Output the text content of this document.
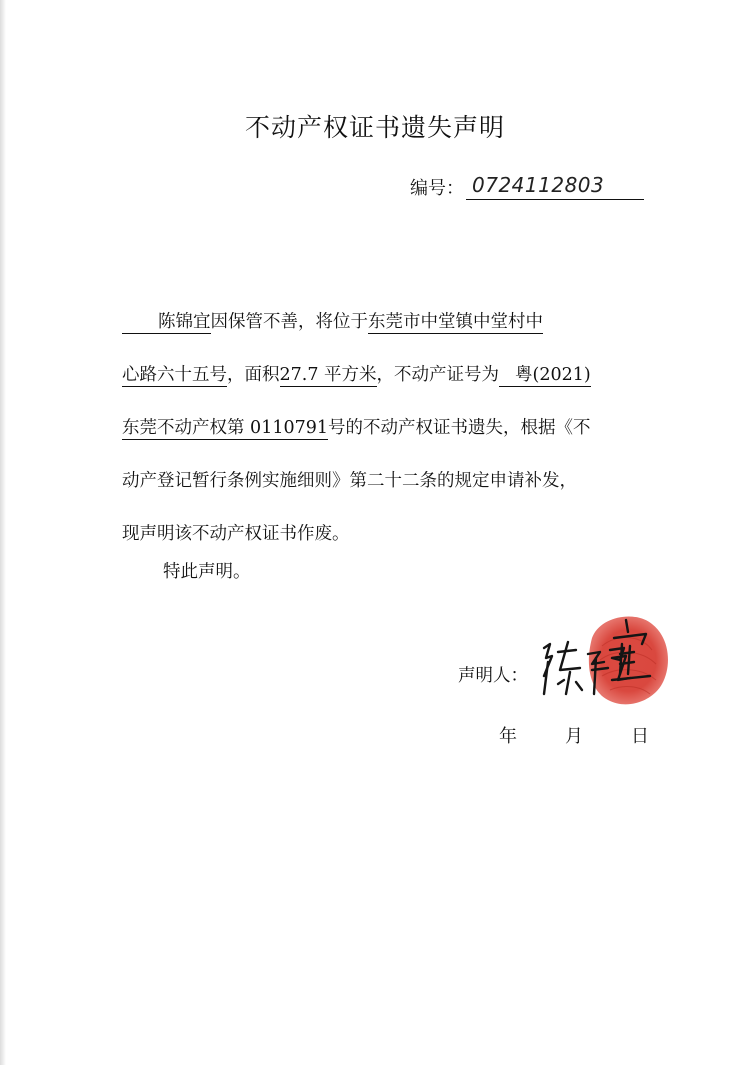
不动产权证书遗失声明
编号： 0724112803
陈锦宜因保管不善，将位于东莞市中堂镇中堂村中
心路六十五号，面积27.7 平方米，不动产证号为 粤(2021)
东莞不动产权第 0110791号的不动产权证书遗失，根据《不
动产登记暂行条例实施细则》第二十二条的规定申请补发，
现声明该不动产权证书作废。
特此声明。
声明人：
年	月	日
